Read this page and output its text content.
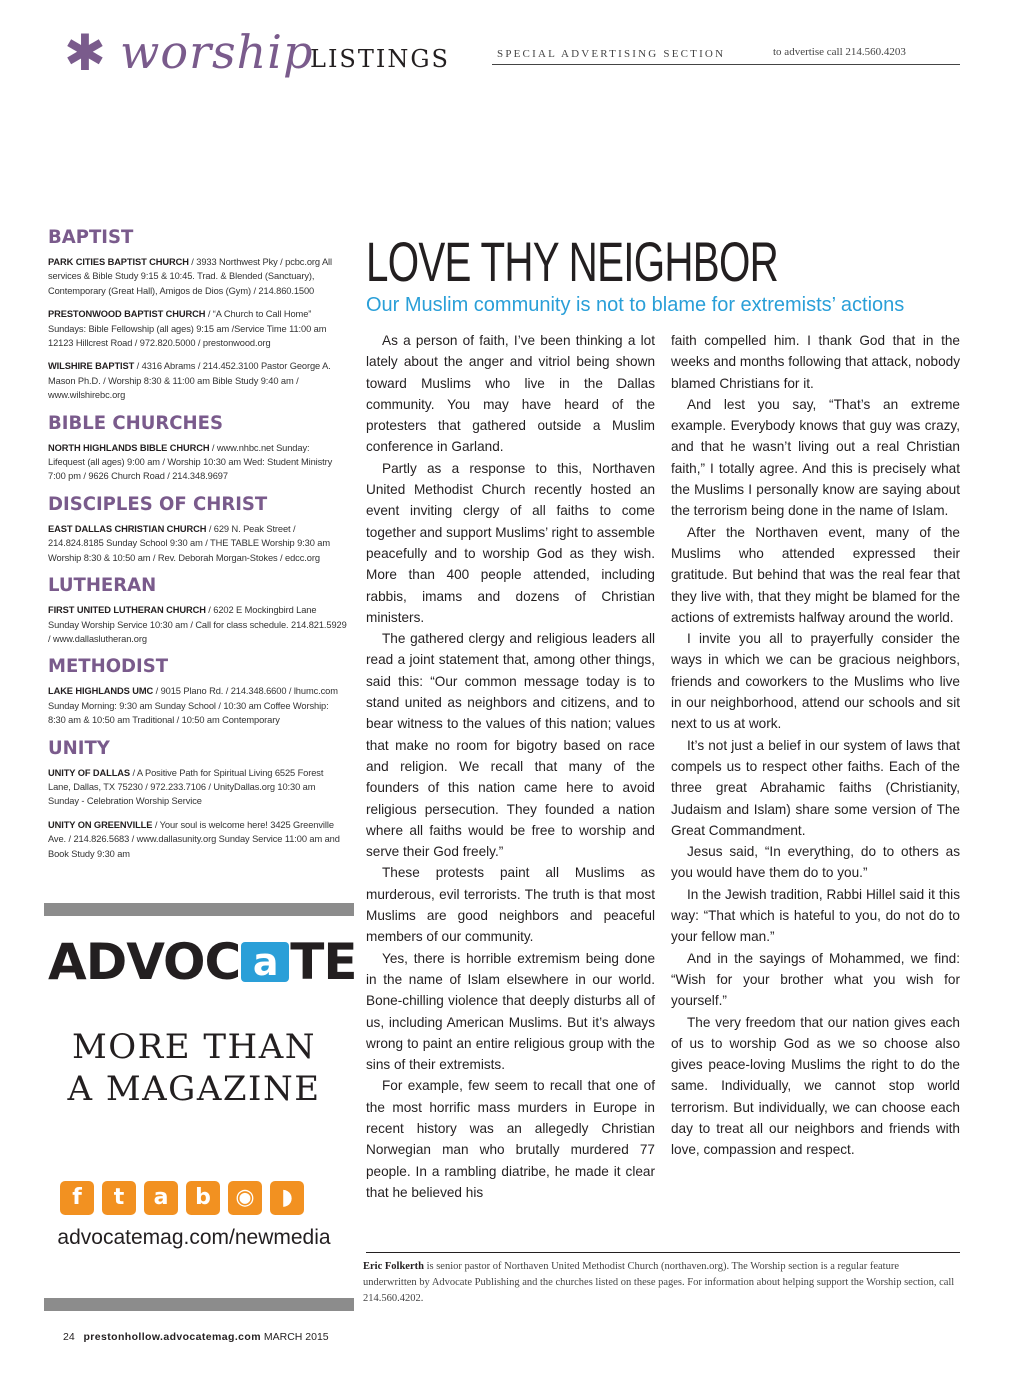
✱ worship
LISTINGS	SPECIAL ADVERTISING SECTION	to advertise call 214.560.4203
BAPTIST
PARK CITIES BAPTIST CHURCH / 3933 Northwest Pky / pcbc.org All services & Bible Study 9:15 & 10:45. Trad. & Blended (Sanctuary), Contemporary (Great Hall), Amigos de Dios (Gym) / 214.860.1500
PRESTONWOOD BAPTIST CHURCH / “A Church to Call Home” Sundays: Bible Fellowship (all ages) 9:15 am /Service Time 11:00 am 12123 Hillcrest Road / 972.820.5000 / prestonwood.org
WILSHIRE BAPTIST / 4316 Abrams / 214.452.3100 Pastor George A. Mason Ph.D. / Worship 8:30 & 11:00 am Bible Study 9:40 am / www.wilshirebc.org
BIBLE CHURCHES
NORTH HIGHLANDS BIBLE CHURCH / www.nhbc.net Sunday: Lifequest (all ages) 9:00 am / Worship 10:30 am Wed: Student Ministry 7:00 pm / 9626 Church Road / 214.348.9697
DISCIPLES OF CHRIST
EAST DALLAS CHRISTIAN CHURCH / 629 N. Peak Street / 214.824.8185 Sunday School 9:30 am / THE TABLE Worship 9:30 am Worship 8:30 & 10:50 am / Rev. Deborah Morgan-Stokes / edcc.org
LUTHERAN
FIRST UNITED LUTHERAN CHURCH / 6202 E Mockingbird Lane Sunday Worship Service 10:30 am / Call for class schedule. 214.821.5929 / www.dallaslutheran.org
METHODIST
LAKE HIGHLANDS UMC / 9015 Plano Rd. / 214.348.6600 / lhumc.com Sunday Morning: 9:30 am Sunday School / 10:30 am Coffee Worship: 8:30 am & 10:50 am Traditional / 10:50 am Contemporary
UNITY
UNITY OF DALLAS / A Positive Path for Spiritual Living 6525 Forest Lane, Dallas, TX 75230 / 972.233.7106 / UnityDallas.org 10:30 am Sunday - Celebration Worship Service
UNITY ON GREENVILLE / Your soul is welcome here! 3425 Greenville Ave. / 214.826.5683 / www.dallasunity.org Sunday Service 11:00 am and Book Study 9:30 am
ADVOC a TE
MORE THAN
A MAGAZINE
f	t	a	b	◉	◗
advocatemag.com/newmedia
LOVE THY NEIGHBOR
Our Muslim community is not to blame for extremists’ actions

As a person of faith, I’ve been thinking a lot lately about the anger and vitriol being shown toward Muslims who live in the Dallas community. You may have heard of the protesters that gathered outside a Muslim conference in Garland.

Partly as a response to this, Northaven United Methodist Church recently hosted an event inviting clergy of all faiths to come together and support Muslims’ right to assemble peacefully and to worship God as they wish. More than 400 people attended, including rabbis, imams and dozens of Christian ministers.

The gathered clergy and religious leaders all read a joint statement that, among other things, said this: “Our common message today is to stand united as neighbors and citizens, and to bear witness to the values of this nation; values that make no room for bigotry based on race and religion. We recall that many of the founders of this nation came here to avoid religious persecution. They founded a nation where all faiths would be free to worship and serve their God freely.”

These protests paint all Muslims as murderous, evil terrorists. The truth is that most Muslims are good neighbors and peaceful members of our community.

Yes, there is horrible extremism being done in the name of Islam elsewhere in our world. Bone-chilling violence that deeply disturbs all of us, including American Muslims. But it’s always wrong to paint an entire religious group with the sins of their extremists.

For example, few seem to recall that one of the most horrific mass murders in Europe in recent history was an allegedly Christian Norwegian man who brutally murdered 77 people. In a rambling diatribe, he made it clear that he believed his

faith compelled him. I thank God that in the weeks and months following that attack, nobody blamed Christians for it.

And lest you say, “That’s an extreme example. Everybody knows that guy was crazy, and that he wasn’t living out a real Christian faith,” I totally agree. And this is precisely what the Muslims I personally know are saying about the terrorism being done in the name of Islam.

After the Northaven event, many of the Muslims who attended expressed their gratitude. But behind that was the real fear that they live with, that they might be blamed for the actions of extremists halfway around the world.

I invite you all to prayerfully consider the ways in which we can be gracious neighbors, friends and coworkers to the Muslims who live in our neighborhood, attend our schools and sit next to us at work.

It’s not just a belief in our system of laws that compels us to respect other faiths. Each of the three great Abrahamic faiths (Christianity, Judaism and Islam) share some version of The Great Commandment.

Jesus said, “In everything, do to others as you would have them do to you.”

In the Jewish tradition, Rabbi Hillel said it this way: “That which is hateful to you, do not do to your fellow man.”

And in the sayings of Mohammed, we find: “Wish for your brother what you wish for yourself.”

The very freedom that our nation gives each of us to worship God as we so choose also gives peace-loving Muslims the right to do the same. Individually, we cannot stop world terrorism. But individually, we can choose each day to treat all our neighbors and friends with love, compassion and respect.

Eric Folkerth is senior pastor of Northaven United Methodist Church (northaven.org). The Worship section is a regular feature underwritten by Advocate Publishing and the churches listed on these pages. For information about helping support the Worship section, call 214.560.4202.
24 prestonhollow.advocatemag.com MARCH 2015
